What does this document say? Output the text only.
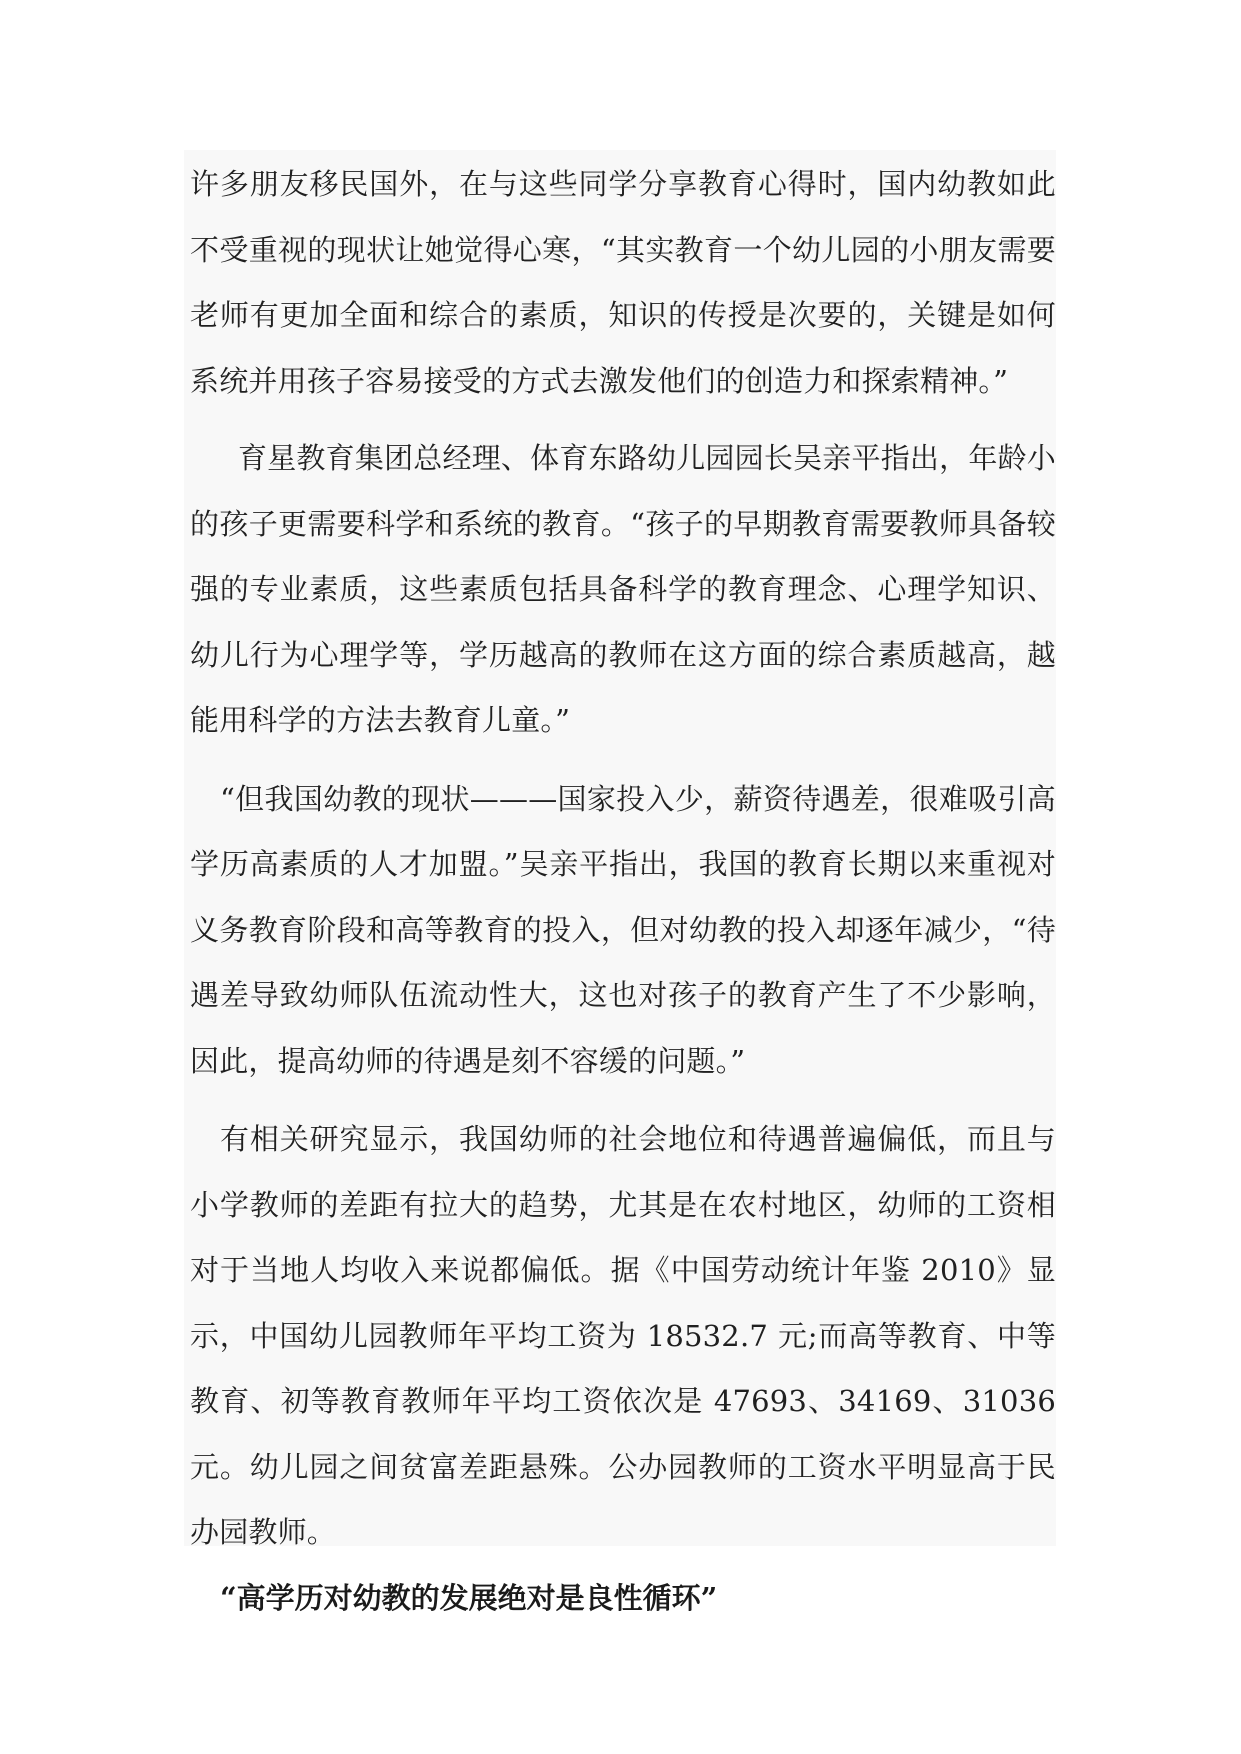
许多朋友移民国外，在与这些同学分享教育心得时，国内幼教如此不受重视的现状让她觉得心寒，“其实教育一个幼儿园的小朋友需要老师有更加全面和综合的素质，知识的传授是次要的，关键是如何系统并用孩子容易接受的方式去激发他们的创造力和探索精神。”

育星教育集团总经理、体育东路幼儿园园长吴亲平指出，年龄小的孩子更需要科学和系统的教育。“孩子的早期教育需要教师具备较强的专业素质，这些素质包括具备科学的教育理念、心理学知识、幼儿行为心理学等，学历越高的教师在这方面的综合素质越高，越能用科学的方法去教育儿童。”

“但我国幼教的现状———国家投入少，薪资待遇差，很难吸引高学历高素质的人才加盟。”吴亲平指出，我国的教育长期以来重视对义务教育阶段和高等教育的投入，但对幼教的投入却逐年减少，“待遇差导致幼师队伍流动性大，这也对孩子的教育产生了不少影响，因此，提高幼师的待遇是刻不容缓的问题。”

有相关研究显示，我国幼师的社会地位和待遇普遍偏低，而且与小学教师的差距有拉大的趋势，尤其是在农村地区，幼师的工资相对于当地人均收入来说都偏低。据《中国劳动统计年鉴 2010》显示，中国幼儿园教师年平均工资为 18532.7 元;而高等教育、中等教育、初等教育教师年平均工资依次是 47693、34169、31036 元。幼儿园之间贫富差距悬殊。公办园教师的工资水平明显高于民办园教师。

“高学历对幼教的发展绝对是良性循环”
